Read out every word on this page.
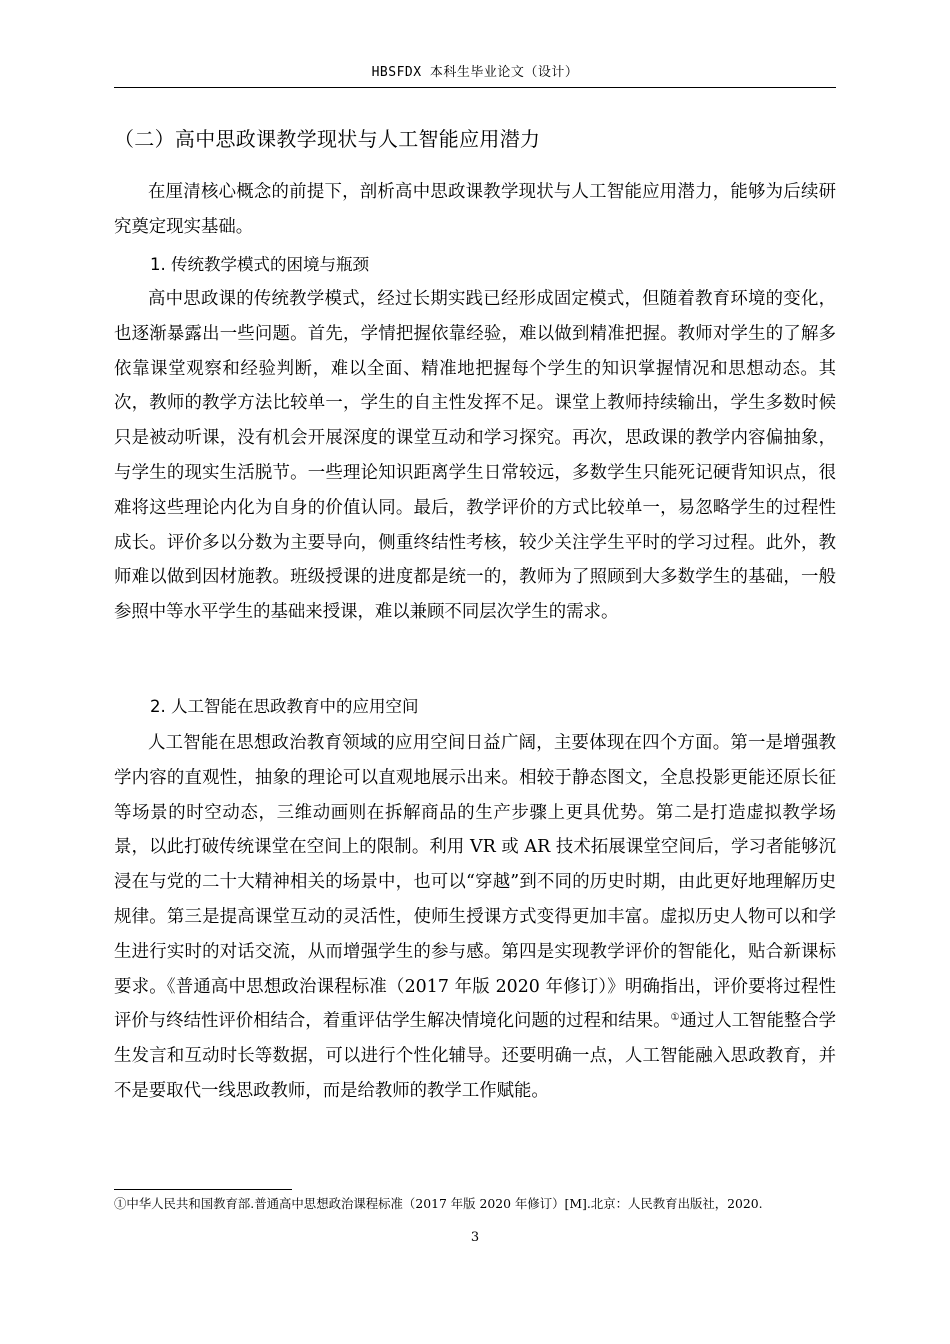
HBSFDX 本科生毕业论文（设计）
（二）高中思政课教学现状与人工智能应用潜力

在厘清核心概念的前提下，剖析高中思政课教学现状与人工智能应用潜力，能够为后续研究奠定现实基础。

1. 传统教学模式的困境与瓶颈

高中思政课的传统教学模式，经过长期实践已经形成固定模式，但随着教育环境的变化，也逐渐暴露出一些问题。首先，学情把握依靠经验，难以做到精准把握。教师对学生的了解多依靠课堂观察和经验判断，难以全面、精准地把握每个学生的知识掌握情况和思想动态。其次，教师的教学方法比较单一，学生的自主性发挥不足。课堂上教师持续输出，学生多数时候只是被动听课，没有机会开展深度的课堂互动和学习探究。再次，思政课的教学内容偏抽象，与学生的现实生活脱节。一些理论知识距离学生日常较远，多数学生只能死记硬背知识点，很难将这些理论内化为自身的价值认同。最后，教学评价的方式比较单一，易忽略学生的过程性成长。评价多以分数为主要导向，侧重终结性考核，较少关注学生平时的学习过程。此外，教师难以做到因材施教。班级授课的进度都是统一的，教师为了照顾到大多数学生的基础，一般参照中等水平学生的基础来授课，难以兼顾不同层次学生的需求。

2. 人工智能在思政教育中的应用空间

人工智能在思想政治教育领域的应用空间日益广阔，主要体现在四个方面。第一是增强教学内容的直观性，抽象的理论可以直观地展示出来。相较于静态图文，全息投影更能还原长征等场景的时空动态，三维动画则在拆解商品的生产步骤上更具优势。第二是打造虚拟教学场景，以此打破传统课堂在空间上的限制。利用 VR 或 AR 技术拓展课堂空间后，学习者能够沉浸在与党的二十大精神相关的场景中，也可以“穿越”到不同的历史时期，由此更好地理解历史规律。第三是提高课堂互动的灵活性，使师生授课方式变得更加丰富。虚拟历史人物可以和学生进行实时的对话交流，从而增强学生的参与感。第四是实现教学评价的智能化，贴合新课标要求。《普通高中思想政治课程标准（2017 年版 2020 年修订）》明确指出，评价要将过程性评价与终结性评价相结合，着重评估学生解决情境化问题的过程和结果。①通过人工智能整合学生发言和互动时长等数据，可以进行个性化辅导。还要明确一点，人工智能融入思政教育，并不是要取代一线思政教师，而是给教师的教学工作赋能。

①中华人民共和国教育部.普通高中思想政治课程标准（2017 年版 2020 年修订）[M].北京：人民教育出版社，2020.
3
